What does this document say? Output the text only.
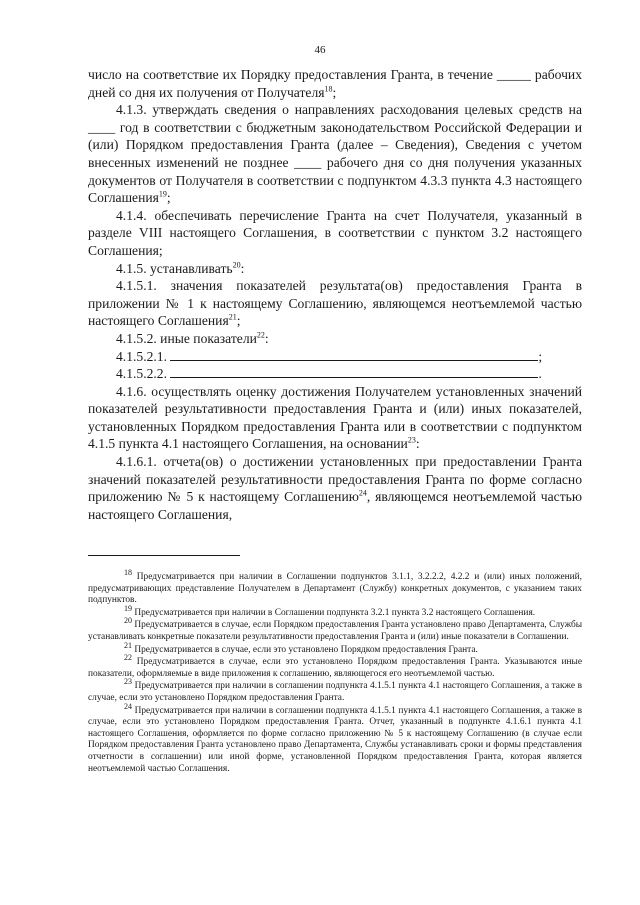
46

число на соответствие их Порядку предоставления Гранта, в течение _____ рабочих дней со дня их получения от Получателя$^{18}$;

4.1.3. утверждать сведения о направлениях расходования целевых средств на ____ год в соответствии с бюджетным законодательством Российской Федерации и (или) Порядком предоставления Гранта (далее – Сведения), Сведения с учетом внесенных изменений не позднее ____ рабочего дня со дня получения указанных документов от Получателя в соответствии с подпунктом 4.3.3 пункта 4.3 настоящего Соглашения$^{19}$;

4.1.4. обеспечивать перечисление Гранта на счет Получателя, указанный в разделе VIII настоящего Соглашения, в соответствии с пунктом 3.2 настоящего Соглашения;

4.1.5. устанавливать$^{20}$:

4.1.5.1. значения показателей результата(ов) предоставления Гранта в приложении № 1 к настоящему Соглашению, являющемся неотъемлемой частью настоящего Соглашения$^{21}$;

4.1.5.2. иные показатели$^{22}$:

4.1.5.2.1.	;

4.1.5.2.2.	.

4.1.6. осуществлять оценку достижения Получателем установленных значений показателей результативности предоставления Гранта и (или) иных показателей, установленных Порядком предоставления Гранта или в соответствии с подпунктом 4.1.5 пункта 4.1 настоящего Соглашения, на основании$^{23}$:

4.1.6.1. отчета(ов) о достижении установленных при предоставлении Гранта значений показателей результативности предоставления Гранта по форме согласно приложению № 5 к настоящему Соглашению$^{24}$, являющемся неотъемлемой частью настоящего Соглашения,

$^{18}$ Предусматривается при наличии в Соглашении подпунктов 3.1.1, 3.2.2.2, 4.2.2 и (или) иных положений, предусматривающих представление Получателем в Департамент (Службу) конкретных документов, с указанием таких подпунктов.

$^{19}$ Предусматривается при наличии в Соглашении подпункта 3.2.1 пункта 3.2 настоящего Соглашения.

$^{20}$ Предусматривается в случае, если Порядком предоставления Гранта установлено право Департамента, Службы устанавливать конкретные показатели результативности предоставления Гранта и (или) иные показатели в Соглашении.

$^{21}$ Предусматривается в случае, если это установлено Порядком предоставления Гранта.

$^{22}$ Предусматривается в случае, если это установлено Порядком предоставления Гранта. Указываются иные показатели, оформляемые в виде приложения к соглашению, являющегося его неотъемлемой частью.

$^{23}$ Предусматривается при наличии в соглашении подпункта 4.1.5.1 пункта 4.1 настоящего Соглашения, а также в случае, если это установлено Порядком предоставления Гранта.

$^{24}$ Предусматривается при наличии в соглашении подпункта 4.1.5.1 пункта 4.1 настоящего Соглашения, а также в случае, если это установлено Порядком предоставления Гранта. Отчет, указанный в подпункте 4.1.6.1 пункта 4.1 настоящего Соглашения, оформляется по форме согласно приложению № 5 к настоящему Соглашению (в случае если Порядком предоставления Гранта установлено право Департамента, Службы устанавливать сроки и формы представления отчетности в соглашении) или иной форме, установленной Порядком предоставления Гранта, которая является неотъемлемой частью Соглашения.
